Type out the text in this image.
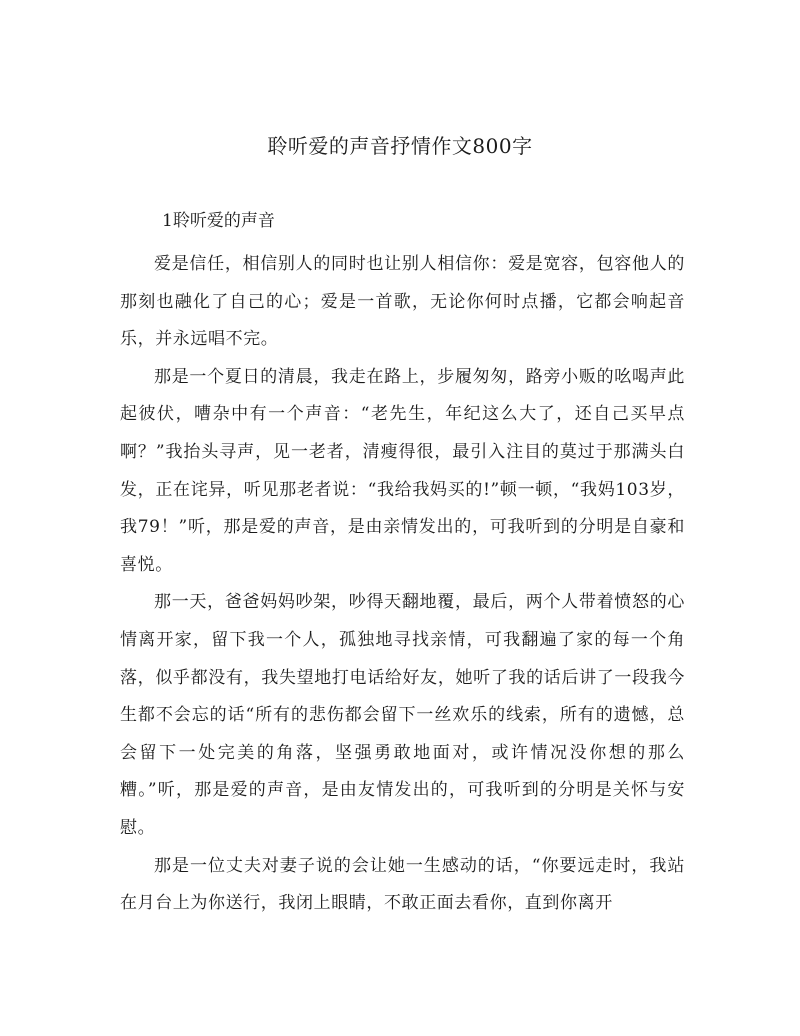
聆听爱的声音抒情作文800字
1聆听爱的声音

爱是信任，相信别人的同时也让别人相信你：爱是宽容，包容他人的那刻也融化了自己的心；爱是一首歌，无论你何时点播，它都会响起音乐，并永远唱不完。

那是一个夏日的清晨，我走在路上，步履匆匆，路旁小贩的吆喝声此起彼伏，嘈杂中有一个声音：“老先生，年纪这么大了，还自己买早点啊？”我抬头寻声，见一老者，清瘦得很，最引入注目的莫过于那满头白发，正在诧异，听见那老者说：“我给我妈买的!”顿一顿，“我妈103岁，我79！”听，那是爱的声音，是由亲情发出的，可我听到的分明是自豪和喜悦。

那一天，爸爸妈妈吵架，吵得天翻地覆，最后，两个人带着愤怒的心情离开家，留下我一个人，孤独地寻找亲情，可我翻遍了家的每一个角落，似乎都没有，我失望地打电话给好友，她听了我的话后讲了一段我今生都不会忘的话“所有的悲伤都会留下一丝欢乐的线索，所有的遗憾，总会留下一处完美的角落，坚强勇敢地面对，或许情况没你想的那么糟。”听，那是爱的声音，是由友情发出的，可我听到的分明是关怀与安慰。

那是一位丈夫对妻子说的会让她一生感动的话，“你要远走时，我站在月台上为你送行，我闭上眼睛，不敢正面去看你，直到你离开
